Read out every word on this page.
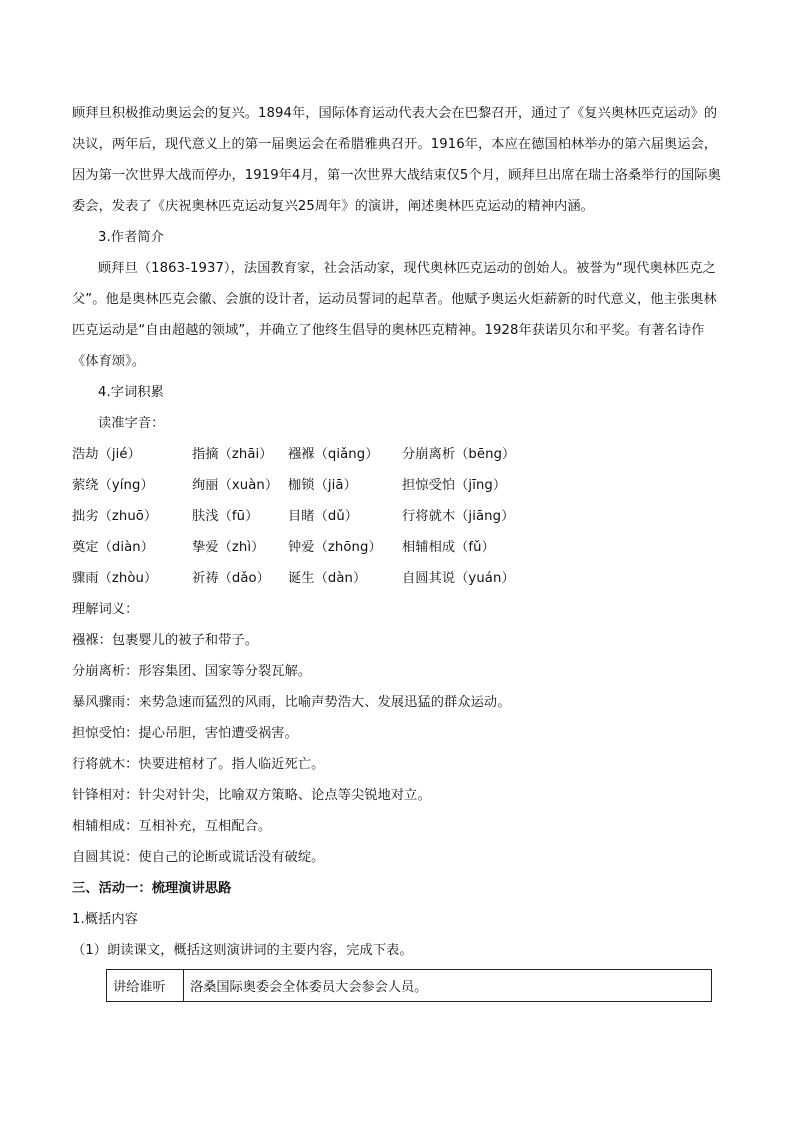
顾拜旦积极推动奥运会的复兴。1894年，国际体育运动代表大会在巴黎召开，通过了《复兴奥林匹克运动》的决议，两年后，现代意义上的第一届奥运会在希腊雅典召开。1916年，本应在德国柏林举办的第六届奥运会，因为第一次世界大战而停办，1919年4月，第一次世界大战结束仅5个月，顾拜旦出席在瑞士洛桑举行的国际奥委会，发表了《庆祝奥林匹克运动复兴25周年》的演讲，阐述奥林匹克运动的精神内涵。

3.作者简介

顾拜旦（1863-1937），法国教育家，社会活动家，现代奥林匹克运动的创始人。被誉为“现代奥林匹克之父”。他是奥林匹克会徽、会旗的设计者，运动员誓词的起草者。他赋予奥运火炬薪新的时代意义，他主张奥林匹克运动是“自由超越的领域”，并确立了他终生倡导的奥林匹克精神。1928年获诺贝尔和平奖。有著名诗作《体育颂》。

4.字词积累

读准字音：

浩劫（jié）	指摘（zhāi）	襁褓（qiǎng）	分崩离析（bēng）
萦绕（yíng）	绚丽（xuàn） 枷锁（jiā）	担惊受怕（jīng）
拙劣（zhuō）	肤浅（fū）	目睹（dǔ）	行将就木（jiāng）
奠定（diàn）	挚爱（zhì）	钟爱（zhōng）	相辅相成（fǔ）
骤雨（zhòu）	祈祷（dǎo）	诞生（dàn）	自圆其说（yuán）

理解词义：

襁褓：包裹婴儿的被子和带子。

分崩离析：形容集团、国家等分裂瓦解。

暴风骤雨：来势急速而猛烈的风雨，比喻声势浩大、发展迅猛的群众运动。

担惊受怕：提心吊胆，害怕遭受祸害。

行将就木：快要进棺材了。指人临近死亡。

针锋相对：针尖对针尖，比喻双方策略、论点等尖锐地对立。

相辅相成：互相补充，互相配合。

自圆其说：使自己的论断或谎话没有破绽。

三、活动一：梳理演讲思路

1.概括内容

（1）朗读课文，概括这则演讲词的主要内容，完成下表。

讲给谁听	洛桑国际奥委会全体委员大会参会人员。
